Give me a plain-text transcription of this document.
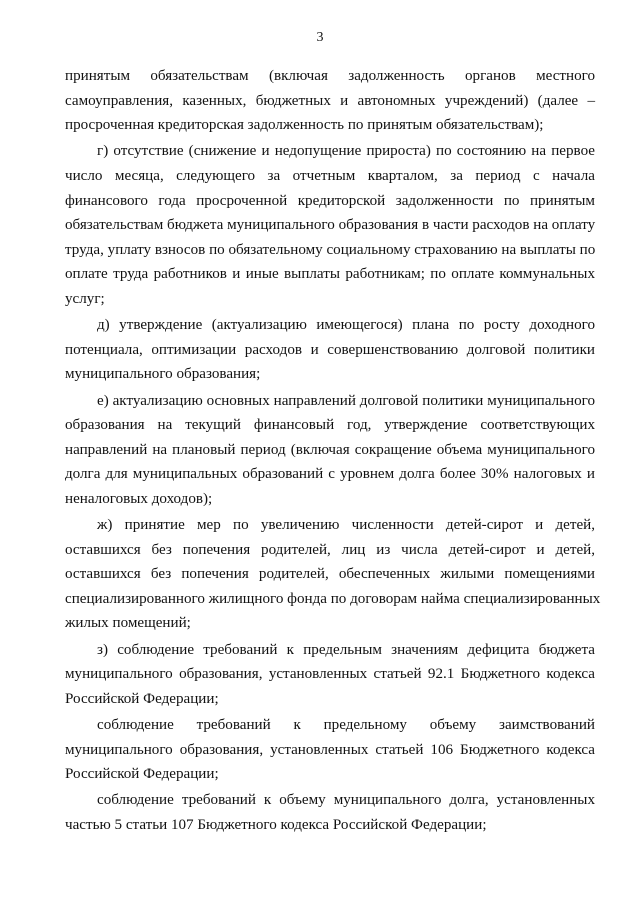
3

принятым обязательствам (включая задолженность органов местного
самоуправления, казенных, бюджетных и автономных учреждений) (далее –
просроченная кредиторская задолженность по принятым обязательствам);

г) отсутствие (снижение и недопущение прироста) по состоянию на первое
число месяца, следующего за отчетным кварталом, за период с начала
финансового года просроченной кредиторской задолженности по принятым
обязательствам бюджета муниципального образования в части расходов на оплату
труда, уплату взносов по обязательному социальному страхованию на выплаты по
оплате труда работников и иные выплаты работникам; по оплате коммунальных
услуг;

д) утверждение (актуализацию имеющегося) плана по росту доходного
потенциала, оптимизации расходов и совершенствованию долговой политики
муниципального образования;

е) актуализацию основных направлений долговой политики муниципального
образования на текущий финансовый год, утверждение соответствующих
направлений на плановый период (включая сокращение объема муниципального
долга для муниципальных образований с уровнем долга более 30% налоговых и
неналоговых доходов);

ж) принятие мер по увеличению численности детей-сирот и детей,
оставшихся без попечения родителей, лиц из числа детей-сирот и детей,
оставшихся без попечения родителей, обеспеченных жилыми помещениями
специализированного жилищного фонда по договорам найма специализированных
жилых помещений;

з) соблюдение требований к предельным значениям дефицита бюджета
муниципального образования, установленных статьей 92.1 Бюджетного кодекса
Российской Федерации;

соблюдение требований к предельному объему заимствований
муниципального образования, установленных статьей 106 Бюджетного кодекса
Российской Федерации;

соблюдение требований к объему муниципального долга, установленных
частью 5 статьи 107 Бюджетного кодекса Российской Федерации;
